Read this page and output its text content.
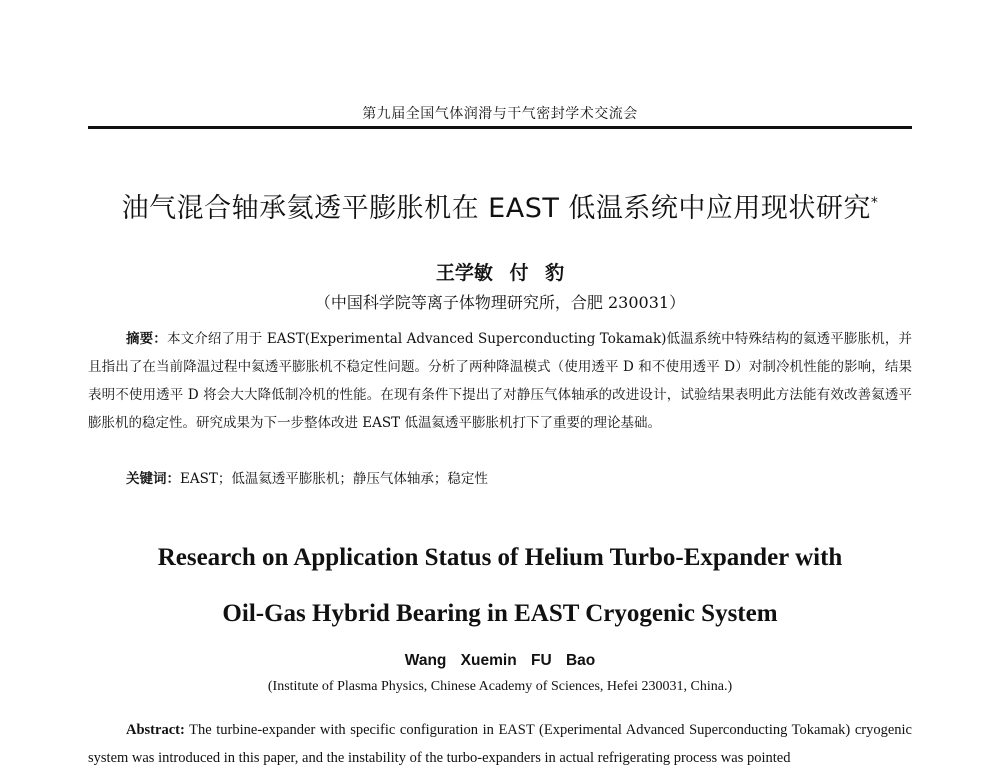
第九届全国气体润滑与干气密封学术交流会
油气混合轴承氦透平膨胀机在 EAST 低温系统中应用现状研究*
王学敏 付 豹
（中国科学院等离子体物理研究所，合肥 230031）
摘要：本文介绍了用于 EAST(Experimental Advanced Superconducting Tokamak)低温系统中特殊结构的氦透平膨胀机，并且指出了在当前降温过程中氦透平膨胀机不稳定性问题。分析了两种降温模式（使用透平 D 和不使用透平 D）对制冷机性能的影响，结果表明不使用透平 D 将会大大降低制冷机的性能。在现有条件下提出了对静压气体轴承的改进设计，试验结果表明此方法能有效改善氦透平膨胀机的稳定性。研究成果为下一步整体改进 EAST 低温氦透平膨胀机打下了重要的理论基础。
关键词：EAST；低温氦透平膨胀机；静压气体轴承；稳定性
Research on Application Status of Helium Turbo-Expander with
Oil-Gas Hybrid Bearing in EAST Cryogenic System
Wang Xuemin FU Bao
(Institute of Plasma Physics, Chinese Academy of Sciences, Hefei 230031, China.)
Abstract: The turbine-expander with specific configuration in EAST (Experimental Advanced Superconducting Tokamak) cryogenic system was introduced in this paper, and the instability of the turbo-expanders in actual refrigerating process was pointed
